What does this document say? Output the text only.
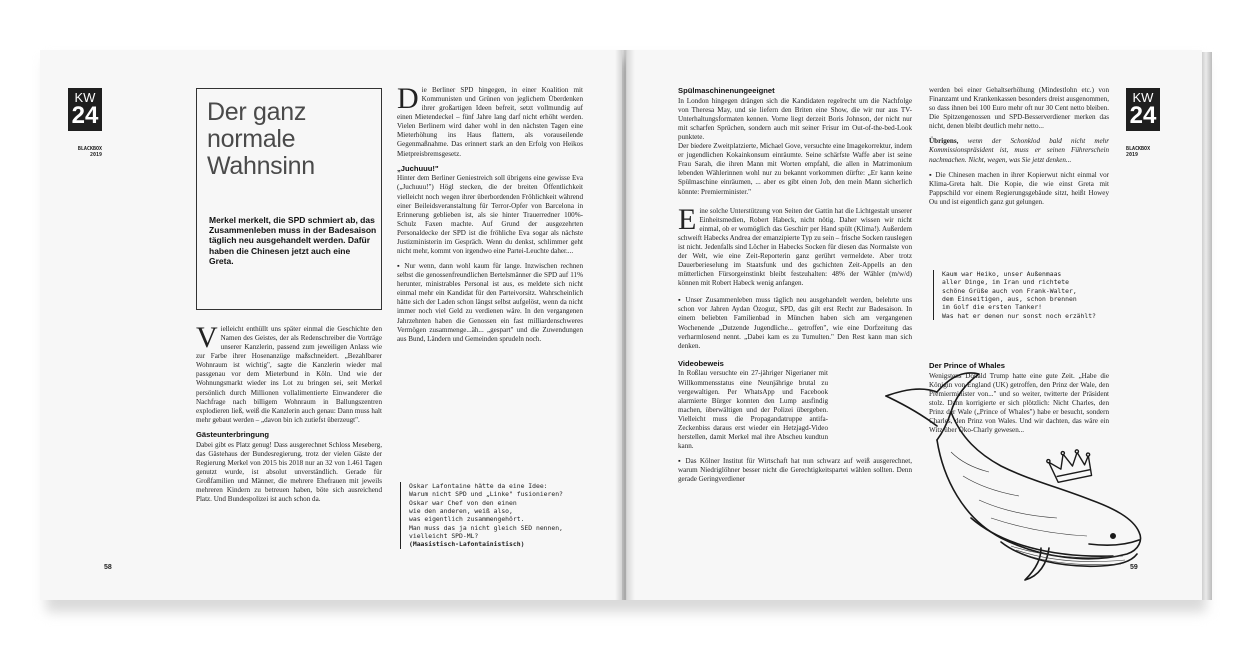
KW
24
BLACKBOX
2019
Der ganz normale Wahnsinn
Merkel merkelt, die SPD schmiert ab, das Zusammenleben muss in der Badesaison täglich neu ausgehandelt werden. Dafür haben die Chinesen jetzt auch eine Greta.

Vielleicht enthüllt uns später einmal die Geschichte den Namen des Geistes, der als Redenschreiber die Vorträge unserer Kanzlerin, passend zum jeweiligen Anlass wie zur Farbe ihrer Hosenanzüge maßschneidert. „Bezahlbarer Wohnraum ist wichtig", sagte die Kanzlerin wieder mal passgenau vor dem Mieterbund in Köln. Und wie der Wohnungsmarkt wieder ins Lot zu bringen sei, seit Merkel persönlich durch Millionen vollalimentierte Einwanderer die Nachfrage nach billigem Wohnraum in Ballungszentren explodieren ließ, weiß die Kanzlerin auch genau: Dann muss halt mehr gebaut werden – „davon bin ich zutiefst überzeugt".

Gästeunterbringung

Dabei gibt es Platz genug! Dass ausgerechnet Schloss Meseberg, das Gästehaus der Bundesregierung, trotz der vielen Gäste der Regierung Merkel von 2015 bis 2018 nur an 32 von 1.461 Tagen genutzt wurde, ist absolut unverständlich. Gerade für Großfamilien und Männer, die mehrere Ehefrauen mit jeweils mehreren Kindern zu betreuen haben, böte sich ausreichend Platz. Und Bundespolizei ist auch schon da.

Die Berliner SPD hingegen, in einer Koalition mit Kommunisten und Grünen von jeglichem Überdenken ihrer großartigen Ideen befreit, setzt vollmundig auf einen Mietendeckel – fünf Jahre lang darf nicht erhöht werden. Vielen Berlinern wird daher wohl in den nächsten Tagen eine Mieterhöhung ins Haus flattern, als vorauseilende Gegenmaßnahme. Das erinnert stark an den Erfolg von Heikos Mietpreisbremsgesetz.

„Juchuuu!"

Hinter dem Berliner Geniestreich soll übrigens eine gewisse Eva („Juchuuu!") Högl stecken, die der breiten Öffentlichkeit vielleicht noch wegen ihrer überbordenden Fröhlichkeit während einer Beileidsveranstaltung für Terror-Opfer von Barcelona in Erinnerung geblieben ist, als sie hinter Trauerredner 100%-Schulz Faxen machte. Auf Grund der ausgezehrten Personaldecke der SPD ist die fröhliche Eva sogar als nächste Justizministerin im Gespräch. Wenn du denkst, schlimmer geht nicht mehr, kommt von irgendwo eine Partei-Leuchte daher....

▪ Nur wenn, dann wohl kaum für lange. Inzwischen rechnen selbst die genossenfreundlichen Bertelsmänner die SPD auf 11% herunter, ministrables Personal ist aus, es meldete sich nicht einmal mehr ein Kandidat für den Parteivorsitz. Wahrscheinlich hätte sich der Laden schon längst selbst aufgelöst, wenn da nicht immer noch viel Geld zu verdienen wäre. In den vergangenen Jahrzehnten haben die Genossen ein fast milliardenschweres Vermögen zusammenge...äh... „gespart" und die Zuwendungen aus Bund, Ländern und Gemeinden sprudeln noch.

Oskar Lafontaine hätte da eine Idee:
Warum nicht SPD und „Linke" fusionieren?
Oskar war Chef von den einen
wie den anderen, weiß also,
was eigentlich zusammengehört.
Man muss das ja nicht gleich SED nennen,
vielleicht SPD-ML?
(Maasistisch-Lafontainistisch)
58
Spülmaschinenungeeignet

In London hingegen drängen sich die Kandidaten regelrecht um die Nachfolge von Theresa May, und sie liefern den Briten eine Show, die wir nur aus TV-Unterhaltungsformaten kennen. Vorne liegt derzeit Boris Johnson, der nicht nur mit scharfen Sprüchen, sondern auch mit seiner Frisur im Out-of-the-bed-Look punktete.

Der biedere Zweitplatzierte, Michael Gove, versuchte eine Imagekorrektur, indem er jugendlichen Kokainkonsum einräumte. Seine schärfste Waffe aber ist seine Frau Sarah, die ihren Mann mit Worten empfahl, die allen in Matrimonium lebenden Wählerinnen wohl nur zu bekannt vorkommen dürfte: „Er kann keine Spülmaschine einräumen, ... aber es gibt einen Job, den mein Mann sicherlich könnte: Premierminister."

Eine solche Unterstützung von Seiten der Gattin hat die Lichtgestalt unserer Einheitsmedien, Robert Habeck, nicht nötig. Daher wissen wir nicht einmal, ob er womöglich das Geschirr per Hand spült (Klima!). Außerdem schweift Habecks Andrea der emanzipierte Typ zu sein – frische Socken rauslegen ist nicht. Jedenfalls sind Löcher in Habecks Socken für diesen das Normalste von der Welt, wie eine Zeit-Reporterin ganz gerührt vermeldete. Aber trotz Dauerberieselung im Staatsfunk und des gschichten Zeit-Appells an den mütterlichen Fürsorgeinstinkt bleibt festzuhalten: 48% der Wähler (m/w/d) können mit Robert Habeck wenig anfangen.

▪ Unser Zusammenleben muss täglich neu ausgehandelt werden, belehrte uns schon vor Jahren Aydan Özoguz, SPD, das gilt erst Recht zur Badesaison. In einem beliebten Familienbad in München haben sich am vergangenen Wochenende „Dutzende Jugendliche... getroffen", wie eine Dorfzeitung das verharmlosend nennt. „Dabei kam es zu Tumulten." Den Rest kann man sich denken.

Videobeweis

In Roßlau versuchte ein 27-jähriger Nigerianer mit Willkommensstatus eine Neunjährige brutal zu vergewaltigen. Per WhatsApp und Facebook alarmierte Bürger konnten den Lump ausfindig machen, überwältigen und der Polizei übergeben. Vielleicht muss die Propagandatruppe antifa-Zeckenbiss daraus erst wieder ein Hetzjagd-Video herstellen, damit Merkel mal ihre Abscheu kundtun kann.

▪ Das Kölner Institut für Wirtschaft hat nun schwarz auf weiß ausgerechnet, warum Niedriglöhner besser nicht die Gerechtigkeitspartei wählen sollten. Denn gerade Geringverdiener

werden bei einer Gehaltserhöhung (Mindestlohn etc.) von Finanzamt und Krankenkassen besonders dreist ausgenommen, so dass ihnen bei 100 Euro mehr oft nur 30 Cent netto bleiben. Die Spitzengenossen und SPD-Besserverdiener merken das nicht, denen bleibt deutlich mehr netto...

Übrigens, wenn der Schonklod bald nicht mehr Kommissionspräsident ist, muss er seinen Führerschein nachmachen. Nicht, wegen, was Sie jetzt denken...

▪ Die Chinesen machen in ihrer Kopierwut nicht einmal vor Klima-Greta halt. Die Kopie, die wie einst Greta mit Pappschild vor einem Regierungsgebäude sitzt, heißt Howey Ou und ist eigentlich ganz gut gelungen.

Kaum war Heiko, unser Außenmaas
aller Dinge, im Iran und richtete
schöne Grüße auch von Frank-Walter,
dem Einseitigen, aus, schon brennen
im Golf die ersten Tanker!
Was hat er denen nur sonst noch erzählt?
Der Prince of Whales

Wenigstens Donald Trump hatte eine gute Zeit. „Habe die Königin von England (UK) getroffen, den Prinz der Wale, den Premierminister von..." und so weiter, twitterte der Präsident stolz. Dann korrigierte er sich plötzlich: Nicht Charles, den Prinz der Wale („Prince of Whales") habe er besucht, sondern Charles, den Prinz von Wales. Und wir dachten, das wäre ein Witz über Öko-Charly gewesen...

KW
24
BLACKBOX
2019
59
